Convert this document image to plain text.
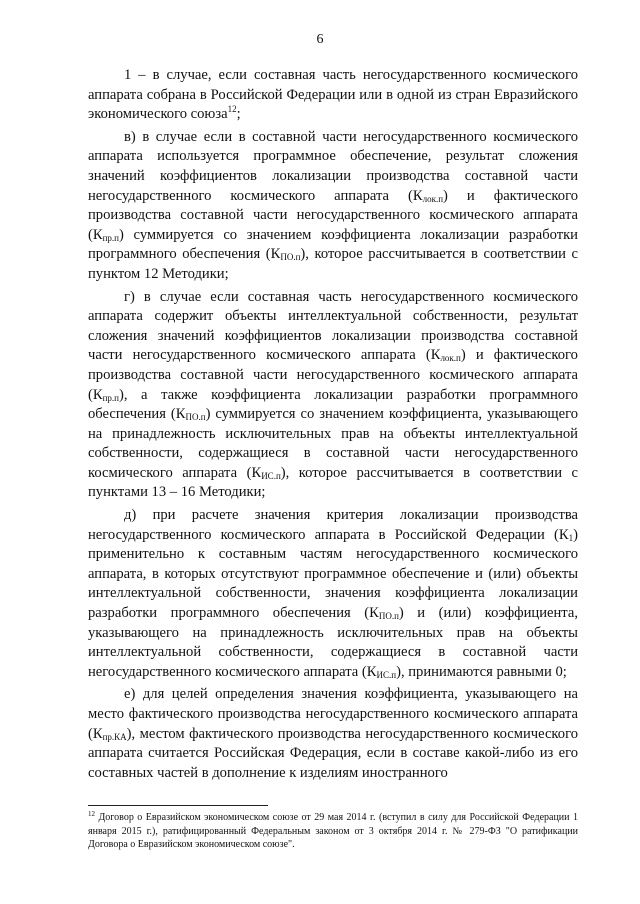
6

1 – в случае, если составная часть негосударственного космического аппарата собрана в Российской Федерации или в одной из стран Евразийского экономического союза$^{12}$;

в) в случае если в составной части негосударственного космического аппарата используется программное обеспечение, результат сложения значений коэффициентов локализации производства составной части негосударственного космического аппарата $(К_{лок.п})$ и фактического производства составной части негосударственного космического аппарата $(К_{пр.п})$ суммируется со значением коэффициента локализации разработки программного обеспечения $(К_{ПО.п})$, которое рассчитывается в соответствии с пунктом 12 Методики;

г) в случае если составная часть негосударственного космического аппарата содержит объекты интеллектуальной собственности, результат сложения значений коэффициентов локализации производства составной части негосударственного космического аппарата $(К_{лок.п})$ и фактического производства составной части негосударственного космического аппарата $(К_{пр.п})$, а также коэффициента локализации разработки программного обеспечения $(К_{ПО.п})$ суммируется со значением коэффициента, указывающего на принадлежность исключительных прав на объекты интеллектуальной собственности, содержащиеся в составной части негосударственного космического аппарата $(К_{ИС.п})$, которое рассчитывается в соответствии с пунктами 13 – 16 Методики;

д) при расчете значения критерия локализации производства негосударственного космического аппарата в Российской Федерации $(К_1)$ применительно к составным частям негосударственного космического аппарата, в которых отсутствуют программное обеспечение и (или) объекты интеллектуальной собственности, значения коэффициента локализации разработки программного обеспечения $(К_{ПО.п})$ и (или) коэффициента, указывающего на принадлежность исключительных прав на объекты интеллектуальной собственности, содержащиеся в составной части негосударственного космического аппарата $(К_{ИС.п})$, принимаются равными 0;

е) для целей определения значения коэффициента, указывающего на место фактического производства негосударственного космического аппарата $(К_{пр.КА})$, местом фактического производства негосударственного космического аппарата считается Российская Федерация, если в составе какой-либо из его составных частей в дополнение к изделиям иностранного

$^{12}$ Договор о Евразийском экономическом союзе от 29 мая 2014 г. (вступил в силу для Российской Федерации 1 января 2015 г.), ратифицированный Федеральным законом от 3 октября 2014 г. № 279-ФЗ "О ратификации Договора о Евразийском экономическом союзе".
